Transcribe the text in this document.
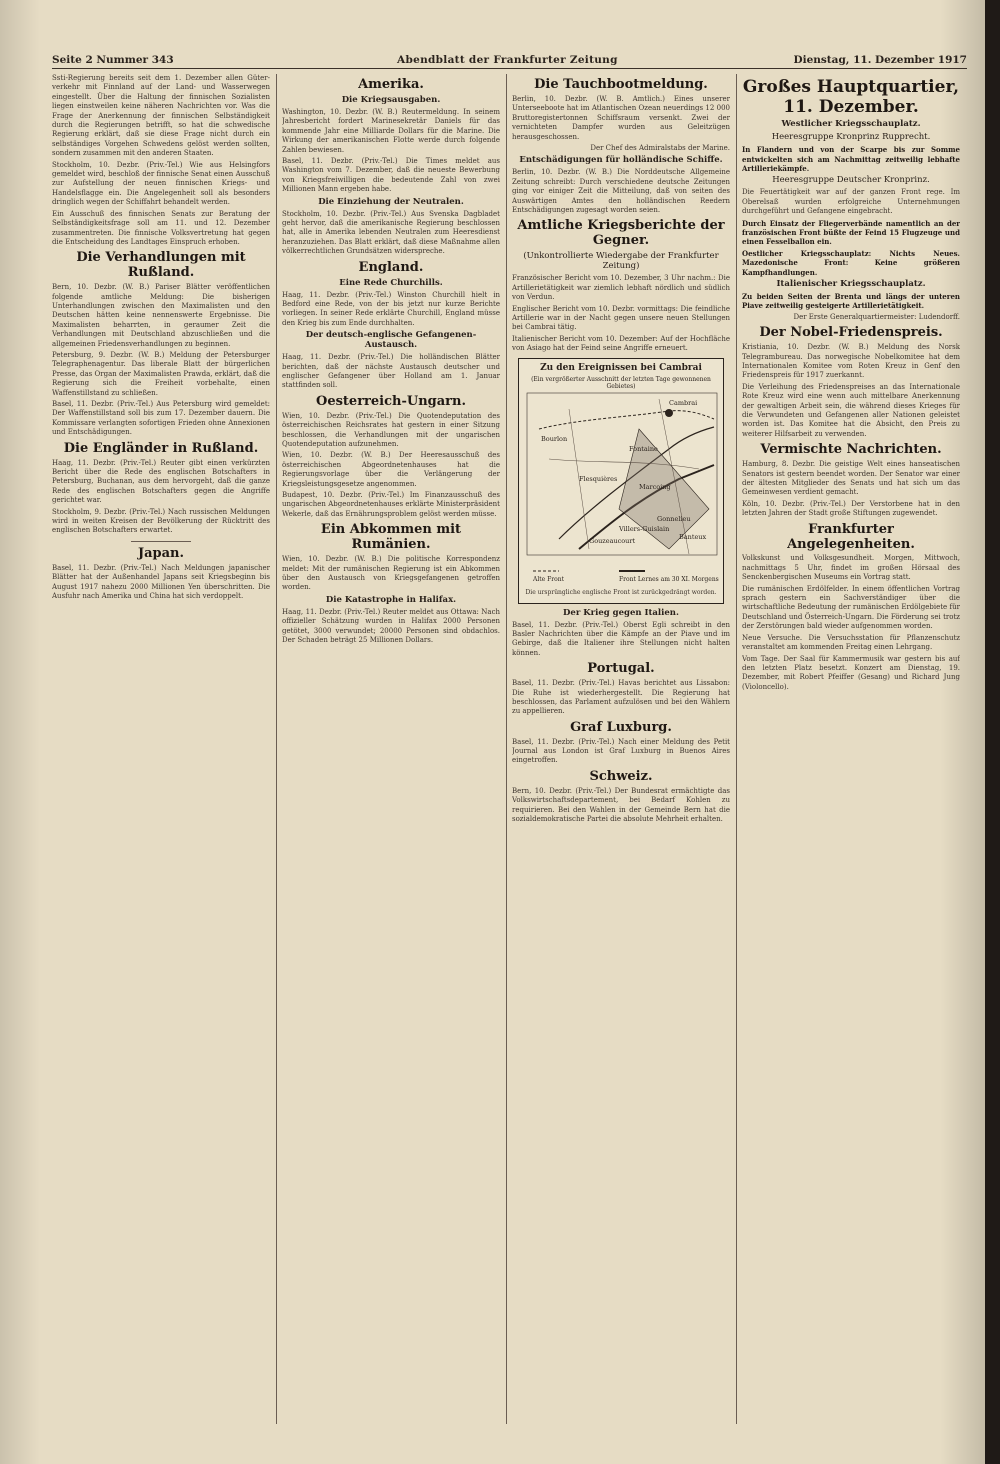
Seite 2 Nummer 343	Abendblatt der Frankfurter Zeitung	Dienstag, 11. Dezember 1917

Ssti-Regierung bereits seit dem 1. Dezember allen Güter-verkehr mit Finnland auf der Land- und Wasserwegen eingestellt. Über die Haltung der finnischen Sozialisten liegen einstweilen keine näheren Nachrichten vor. Was die Frage der Anerkennung der finnischen Selbständigkeit durch die Regierungen betrifft, so hat die schwedische Regierung erklärt, daß sie diese Frage nicht durch ein selbständiges Vorgehen Schwedens gelöst werden sollten, sondern zusammen mit den anderen Staaten.

Stockholm, 10. Dezbr. (Priv.-Tel.) Wie aus Helsingfors gemeldet wird, beschloß der finnische Senat einen Ausschuß zur Aufstellung der neuen finnischen Kriegs- und Handelsflagge ein. Die Angelegenheit soll als besonders dringlich wegen der Schiffahrt behandelt werden.

Ein Ausschuß des finnischen Senats zur Beratung der Selbständigkeitsfrage soll am 11. und 12. Dezember zusammentreten. Die finnische Volksvertretung hat gegen die Entscheidung des Landtages Einspruch erhoben.

Die Verhandlungen mit Rußland.

Bern, 10. Dezbr. (W. B.) Pariser Blätter veröffentlichen folgende amtliche Meldung: Die bisherigen Unterhandlungen zwischen den Maximalisten und den Deutschen hätten keine nennenswerte Ergebnisse. Die Maximalisten beharrten, in geraumer Zeit die Verhandlungen mit Deutschland abzuschließen und die allgemeinen Friedensverhandlungen zu beginnen.

Petersburg, 9. Dezbr. (W. B.) Meldung der Petersburger Telegraphenagentur. Das liberale Blatt der bürgerlichen Presse, das Organ der Maximalisten Prawda, erklärt, daß die Regierung sich die Freiheit vorbehalte, einen Waffenstillstand zu schließen.

Basel, 11. Dezbr. (Priv.-Tel.) Aus Petersburg wird gemeldet: Der Waffenstillstand soll bis zum 17. Dezember dauern. Die Kommissare verlangten sofortigen Frieden ohne Annexionen und Entschädigungen.

Die Engländer in Rußland.

Haag, 11. Dezbr. (Priv.-Tel.) Reuter gibt einen verkürzten Bericht über die Rede des englischen Botschafters in Petersburg, Buchanan, aus dem hervorgeht, daß die ganze Rede des englischen Botschafters gegen die Angriffe gerichtet war.

Stockholm, 9. Dezbr. (Priv.-Tel.) Nach russischen Meldungen wird in weiten Kreisen der Bevölkerung der Rücktritt des englischen Botschafters erwartet.

Japan.

Basel, 11. Dezbr. (Priv.-Tel.) Nach Meldungen japanischer Blätter hat der Außenhandel Japans seit Kriegsbeginn bis August 1917 nahezu 2000 Millionen Yen überschritten. Die Ausfuhr nach Amerika und China hat sich verdoppelt.

Amerika.
Die Kriegsausgaben.

Washington, 10. Dezbr. (W. B.) Reutermeldung. In seinem Jahresbericht fordert Marinesekretär Daniels für das kommende Jahr eine Milliarde Dollars für die Marine. Die Wirkung der amerikanischen Flotte werde durch folgende Zahlen bewiesen.

Basel, 11. Dezbr. (Priv.-Tel.) Die Times meldet aus Washington vom 7. Dezember, daß die neueste Bewerbung von Kriegsfreiwilligen die bedeutende Zahl von zwei Millionen Mann ergeben habe.

Die Einziehung der Neutralen.

Stockholm, 10. Dezbr. (Priv.-Tel.) Aus Svenska Dagbladet geht hervor, daß die amerikanische Regierung beschlossen hat, alle in Amerika lebenden Neutralen zum Heeresdienst heranzuziehen. Das Blatt erklärt, daß diese Maßnahme allen völkerrechtlichen Grundsätzen widerspreche.

England.
Eine Rede Churchills.

Haag, 11. Dezbr. (Priv.-Tel.) Winston Churchill hielt in Bedford eine Rede, von der bis jetzt nur kurze Berichte vorliegen. In seiner Rede erklärte Churchill, England müsse den Krieg bis zum Ende durchhalten.

Der deutsch-englische Gefangenen-Austausch.

Haag, 11. Dezbr. (Priv.-Tel.) Die holländischen Blätter berichten, daß der nächste Austausch deutscher und englischer Gefangener über Holland am 1. Januar stattfinden soll.

Oesterreich-Ungarn.

Wien, 10. Dezbr. (Priv.-Tel.) Die Quotendeputation des österreichischen Reichsrates hat gestern in einer Sitzung beschlossen, die Verhandlungen mit der ungarischen Quotendeputation aufzunehmen.

Wien, 10. Dezbr. (W. B.) Der Heeresausschuß des österreichischen Abgeordnetenhauses hat die Regierungsvorlage über die Verlängerung der Kriegsleistungsgesetze angenommen.

Budapest, 10. Dezbr. (Priv.-Tel.) Im Finanzausschuß des ungarischen Abgeordnetenhauses erklärte Ministerpräsident Wekerle, daß das Ernährungsproblem gelöst werden müsse.

Ein Abkommen mit Rumänien.

Wien, 10. Dezbr. (W. B.) Die politische Korrespondenz meldet: Mit der rumänischen Regierung ist ein Abkommen über den Austausch von Kriegsgefangenen getroffen worden.

Die Katastrophe in Halifax.

Haag, 11. Dezbr. (Priv.-Tel.) Reuter meldet aus Ottawa: Nach offizieller Schätzung wurden in Halifax 2000 Personen getötet, 3000 verwundet; 20000 Personen sind obdachlos. Der Schaden beträgt 25 Millionen Dollars.

Die Tauchbootmeldung.

Berlin, 10. Dezbr. (W. B. Amtlich.) Eines unserer Unterseeboote hat im Atlantischen Ozean neuerdings 12 000 Bruttoregistertonnen Schiffsraum versenkt. Zwei der vernichteten Dampfer wurden aus Geleitzügen herausgeschossen.

Der Chef des Admiralstabs der Marine.

Entschädigungen für holländische Schiffe.

Berlin, 10. Dezbr. (W. B.) Die Norddeutsche Allgemeine Zeitung schreibt: Durch verschiedene deutsche Zeitungen ging vor einiger Zeit die Mitteilung, daß von seiten des Auswärtigen Amtes den holländischen Reedern Entschädigungen zugesagt worden seien.

Amtliche Kriegsberichte der Gegner.
(Unkontrollierte Wiedergabe der Frankfurter Zeitung)

Französischer Bericht vom 10. Dezember, 3 Uhr nachm.: Die Artillerietätigkeit war ziemlich lebhaft nördlich und südlich von Verdun.

Englischer Bericht vom 10. Dezbr. vormittags: Die feindliche Artillerie war in der Nacht gegen unsere neuen Stellungen bei Cambrai tätig.

Italienischer Bericht vom 10. Dezember: Auf der Hochfläche von Asiago hat der Feind seine Angriffe erneuert.

Zu den Ereignissen bei Cambrai
(Ein vergrößerter Ausschnitt der letzten Tage gewonnenen Gebietes)
Bourlon
Cambrai
Fontaine
Flesquières
Marcoing
Gonnelieu
Villers-Guislain
Banteux
Gouzeaucourt
Alte Front	Front Lernes am 30 XI. Morgens
Die ursprüngliche englische Front ist zurückgedrängt worden.
Der Krieg gegen Italien.

Basel, 11. Dezbr. (Priv.-Tel.) Oberst Egli schreibt in den Basler Nachrichten über die Kämpfe an der Piave und im Gebirge, daß die Italiener ihre Stellungen nicht halten können.

Portugal.

Basel, 11. Dezbr. (Priv.-Tel.) Havas berichtet aus Lissabon: Die Ruhe ist wiederhergestellt. Die Regierung hat beschlossen, das Parlament aufzulösen und bei den Wählern zu appellieren.

Graf Luxburg.

Basel, 11. Dezbr. (Priv.-Tel.) Nach einer Meldung des Petit Journal aus London ist Graf Luxburg in Buenos Aires eingetroffen.

Schweiz.

Bern, 10. Dezbr. (Priv.-Tel.) Der Bundesrat ermächtigte das Volkswirtschaftsdepartement, bei Bedarf Kohlen zu requirieren. Bei den Wahlen in der Gemeinde Bern hat die sozialdemokratische Partei die absolute Mehrheit erhalten.

Großes Hauptquartier, 11. Dezember.
Westlicher Kriegsschauplatz.
Heeresgruppe Kronprinz Rupprecht.

In Flandern und von der Scarpe bis zur Somme entwickelten sich am Nachmittag zeitweilig lebhafte Artilleriekämpfe.

Heeresgruppe Deutscher Kronprinz.

Die Feuertätigkeit war auf der ganzen Front rege. Im Oberelsaß wurden erfolgreiche Unternehmungen durchgeführt und Gefangene eingebracht.

Durch Einsatz der Fliegerverbände namentlich an der französischen Front büßte der Feind 15 Flugzeuge und einen Fesselballon ein.

Oestlicher Kriegsschauplatz: Nichts Neues. Mazedonische Front: Keine größeren Kampfhandlungen.

Italienischer Kriegsschauplatz.

Zu beiden Seiten der Brenta und längs der unteren Piave zeitweilig gesteigerte Artillerietätigkeit.

Der Erste Generalquartiermeister: Ludendorff.

Der Nobel-Friedenspreis.

Kristiania, 10. Dezbr. (W. B.) Meldung des Norsk Telegrambureau. Das norwegische Nobelkomitee hat dem Internationalen Komitee vom Roten Kreuz in Genf den Friedenspreis für 1917 zuerkannt.

Die Verleihung des Friedenspreises an das Internationale Rote Kreuz wird eine wenn auch mittelbare Anerkennung der gewaltigen Arbeit sein, die während dieses Krieges für die Verwundeten und Gefangenen aller Nationen geleistet worden ist. Das Komitee hat die Absicht, den Preis zu weiterer Hilfsarbeit zu verwenden.

Vermischte Nachrichten.

Hamburg, 8. Dezbr. Die geistige Welt eines hanseatischen Senators ist gestern beendet worden. Der Senator war einer der ältesten Mitglieder des Senats und hat sich um das Gemeinwesen verdient gemacht.

Köln, 10. Dezbr. (Priv.-Tel.) Der Verstorbene hat in den letzten Jahren der Stadt große Stiftungen zugewendet.

Frankfurter Angelegenheiten.

Volkskunst und Volksgesundheit. Morgen, Mittwoch, nachmittags 5 Uhr, findet im großen Hörsaal des Senckenbergischen Museums ein Vortrag statt.

Die rumänischen Erdölfelder. In einem öffentlichen Vortrag sprach gestern ein Sachverständiger über die wirtschaftliche Bedeutung der rumänischen Erdölgebiete für Deutschland und Österreich-Ungarn. Die Förderung sei trotz der Zerstörungen bald wieder aufgenommen worden.

Neue Versuche. Die Versuchsstation für Pflanzenschutz veranstaltet am kommenden Freitag einen Lehrgang.

Vom Tage. Der Saal für Kammermusik war gestern bis auf den letzten Platz besetzt. Konzert am Dienstag, 19. Dezember, mit Robert Pfeiffer (Gesang) und Richard Jung (Violoncello).
